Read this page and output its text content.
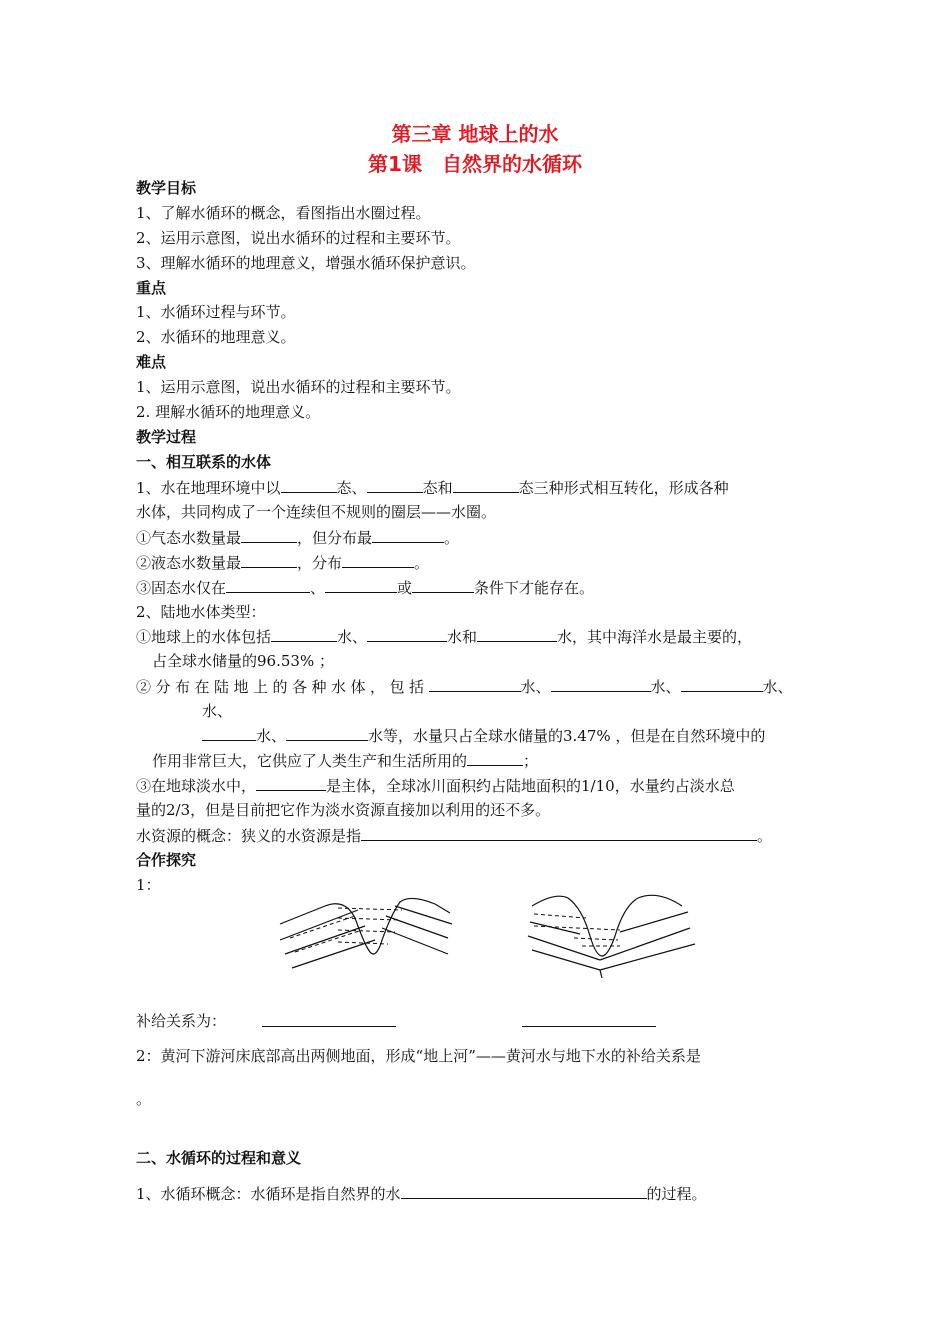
第三章 地球上的水
第1课　自然界的水循环
教学目标
1、了解水循环的概念，看图指出水圈过程。
2、运用示意图，说出水循环的过程和主要环节。
3、理解水循环的地理意义，增强水循环保护意识。
重点
1、水循环过程与环节。
2、水循环的地理意义。
难点
1、运用示意图，说出水循环的过程和主要环节。
2. 理解水循环的地理意义。
教学过程
一、相互联系的水体
1、水在地理环境中以	态、	态和	态三种形式相互转化，形成各种
水体，共同构成了一个连续但不规则的圈层——水圈。
①气态水数量最	，但分布最	。
②液态水数量最	，分布	。
③固态水仅在	、	或	条件下才能存在。
2、陆地水体类型：
①地球上的水体包括	水、	水和	水，其中海洋水是最主要的，
占全球水储量的96.53% ；
②分布在陆地上的各种水体，包括	水、	水、	水、
水、
水、	水等，水量只占全球水储量的3.47% ，但是在自然环境中的
作用非常巨大，它供应了人类生产和生活所用的	；
③在地球淡水中，	是主体，全球冰川面积约占陆地面积的1/10，水量约占淡水总
量的2/3，但是目前把它作为淡水资源直接加以利用的还不多。
水资源的概念：狭义的水资源是指	。
合作探究
1：
补给关系为：
2：黄河下游河床底部高出两侧地面，形成“地上河”——黄河水与地下水的补给关系是
。
二、水循环的过程和意义
1、水循环概念：水循环是指自然界的水	的过程。
